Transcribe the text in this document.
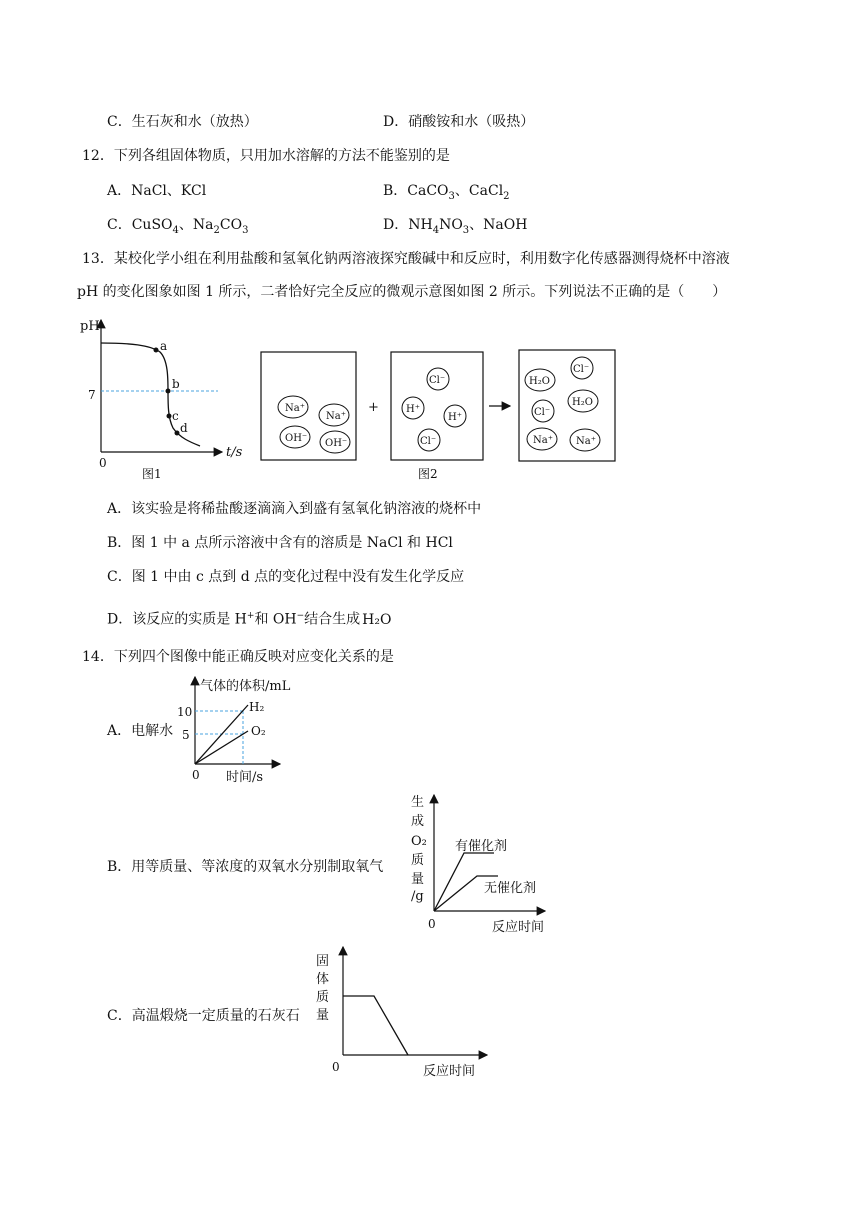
C．生石灰和水（放热）	D．硝酸铵和水（吸热）
12．下列各组固体物质，只用加水溶解的方法不能鉴别的是
A．NaCl、KCl	B．CaCO$_3$、CaCl$_2$
C．CuSO$_4$、$Na_2CO_3$	D．$NH_4NO_3$、NaOH
13．某校化学小组在利用盐酸和氢氧化钠两溶液探究酸碱中和反应时，利用数字化传感器测得烧杯中溶液
pH 的变化图象如图 1 所示，二者恰好完全反应的微观示意图如图 2 所示。下列说法不正确的是（　　）
pH
t/s
0
7
a
b
c
d
图1
+
图2
Na⁺
Na⁺
OH⁻ OH⁻
Cl⁻
H⁺
H⁺
Cl⁻
H₂O
Cl⁻
H₂O
Cl⁻
Na⁺ Na⁺
气体的体积/mL
时间/s
0
10
5
H₂
O₂
生
成
O₂
质
量
/g
0	反应时间
有催化剂
无催化剂
固
体
质
量
0	反应时间
A．该实验是将稀盐酸逐滴滴入到盛有氢氧化钠溶液的烧杯中
B．图 1 中 a 点所示溶液中含有的溶质是 NaCl 和 HCl
C．图 1 中由 c 点到 d 点的变化过程中没有发生化学反应
D．该反应的实质是 H+和 OH−结合生成 H₂O
14．下列四个图像中能正确反映对应变化关系的是
A．电解水
B．用等质量、等浓度的双氧水分别制取氧气
C．高温煅烧一定质量的石灰石
